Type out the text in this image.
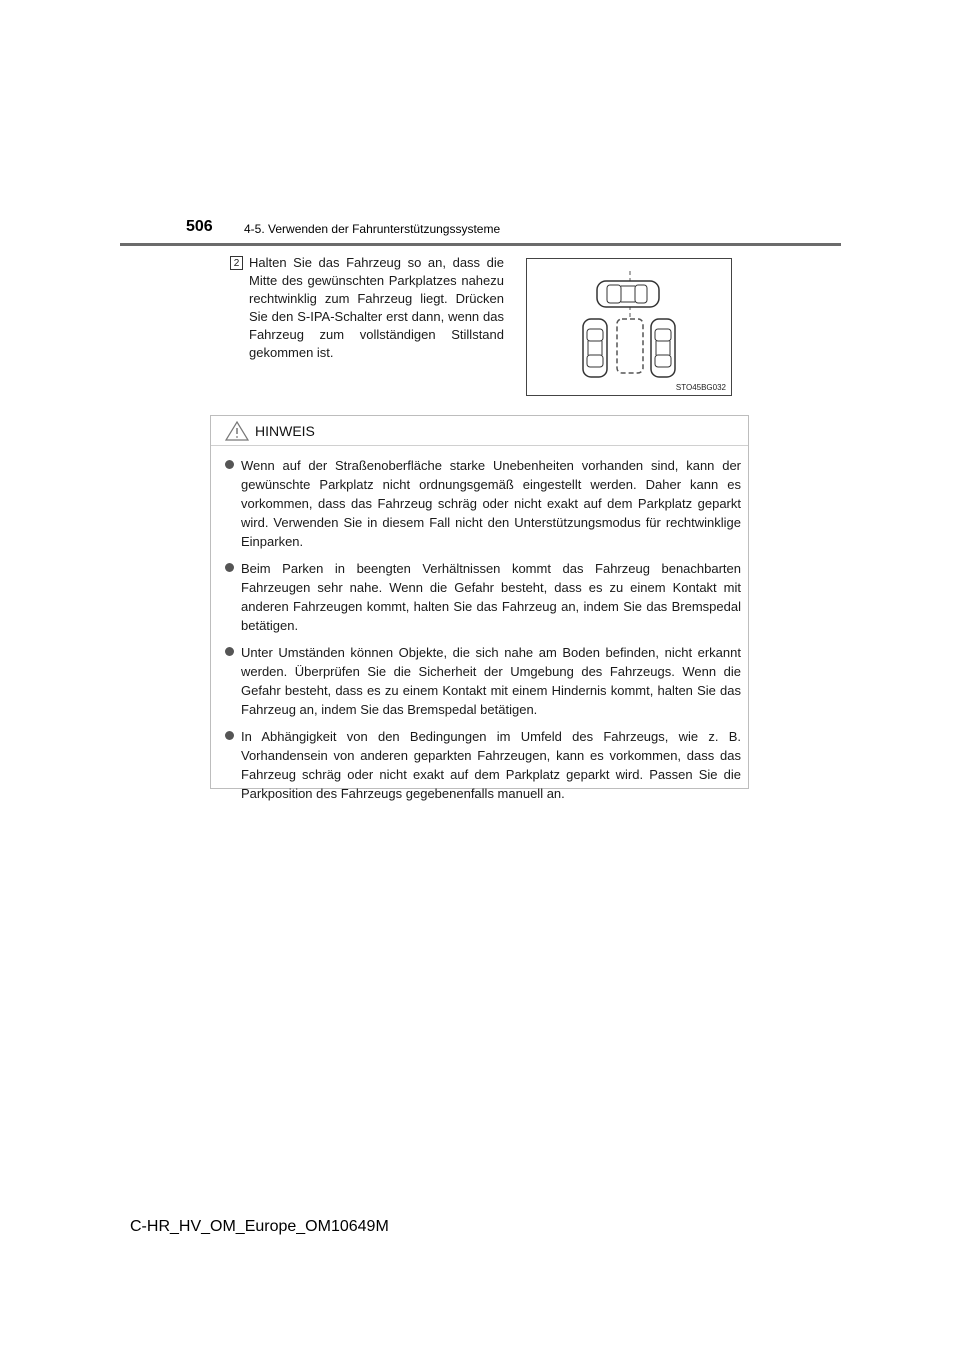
506	4-5. Verwenden der Fahrunterstützungssysteme
2 Halten Sie das Fahrzeug so an, dass die Mitte des gewünschten Parkplatzes nahezu rechtwinklig zum Fahrzeug liegt. Drücken Sie den S-IPA-Schalter erst dann, wenn das Fahrzeug zum vollständigen Stillstand gekommen ist.
STO45BG032
HINWEIS
Wenn auf der Straßenoberfläche starke Unebenheiten vorhanden sind, kann der gewünschte Parkplatz nicht ordnungsgemäß eingestellt werden. Daher kann es vorkommen, dass das Fahrzeug schräg oder nicht exakt auf dem Parkplatz geparkt wird. Verwenden Sie in diesem Fall nicht den Unterstützungsmodus für rechtwinklige Einparken.
Beim Parken in beengten Verhältnissen kommt das Fahrzeug benachbarten Fahrzeugen sehr nahe. Wenn die Gefahr besteht, dass es zu einem Kontakt mit anderen Fahrzeugen kommt, halten Sie das Fahrzeug an, indem Sie das Bremspedal betätigen.
Unter Umständen können Objekte, die sich nahe am Boden befinden, nicht erkannt werden. Überprüfen Sie die Sicherheit der Umgebung des Fahrzeugs. Wenn die Gefahr besteht, dass es zu einem Kontakt mit einem Hindernis kommt, halten Sie das Fahrzeug an, indem Sie das Bremspedal betätigen.
In Abhängigkeit von den Bedingungen im Umfeld des Fahrzeugs, wie z. B. Vorhandensein von anderen geparkten Fahrzeugen, kann es vorkommen, dass das Fahrzeug schräg oder nicht exakt auf dem Parkplatz geparkt wird. Passen Sie die Parkposition des Fahrzeugs gegebenenfalls manuell an.
C-HR_HV_OM_Europe_OM10649M
